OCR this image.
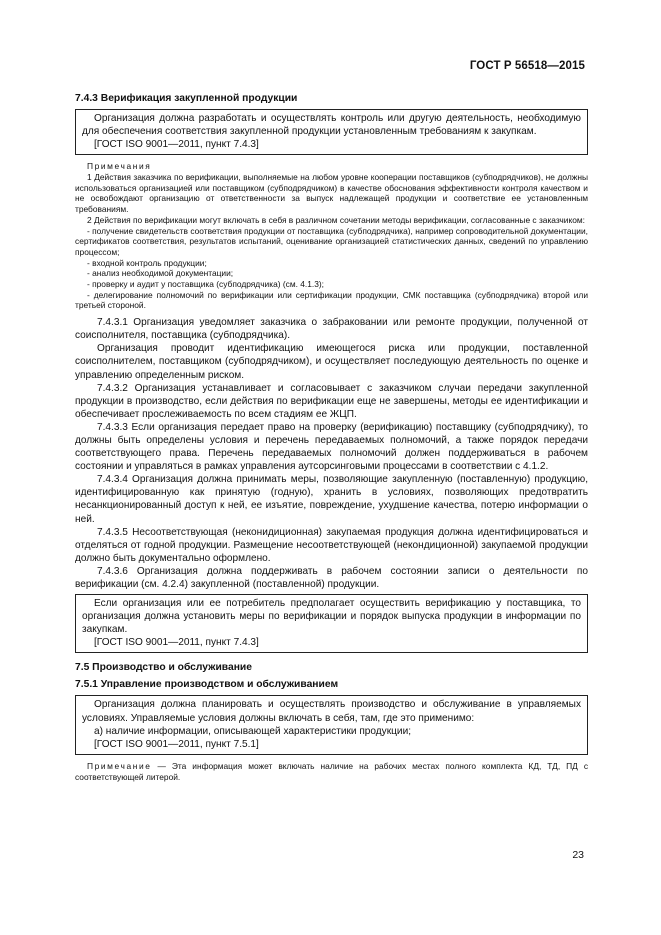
ГОСТ Р 56518—2015
7.4.3 Верификация закупленной продукции

Организация должна разработать и осуществлять контроль или другую деятельность, необходимую для обеспечения соответствия закупленной продукции установленным требованиям к закупкам.

[ГОСТ ISO 9001—2011, пункт 7.4.3]

Примечания

1 Действия заказчика по верификации, выполняемые на любом уровне кооперации поставщиков (субподрядчиков), не должны использоваться организацией или поставщиком (субподрядчиком) в качестве обоснования эффективности контроля качеством и не освобождают организацию от ответственности за выпуск надлежащей продукции и соответствие ее установленным требованиям.

2 Действия по верификации могут включать в себя в различном сочетании методы верификации, согласованные с заказчиком:

- получение свидетельств соответствия продукции от поставщика (субподрядчика), например сопроводительной документации, сертификатов соответствия, результатов испытаний, оценивание организацией статистических данных, сведений по управлению процессом;

- входной контроль продукции;

- анализ необходимой документации;

- проверку и аудит у поставщика (субподрядчика) (см. 4.1.3);

- делегирование полномочий по верификации или сертификации продукции, СМК поставщика (субподрядчика) второй или третьей стороной.

7.4.3.1 Организация уведомляет заказчика о забраковании или ремонте продукции, полученной от соисполнителя, поставщика (субподрядчика).

Организация проводит идентификацию имеющегося риска или продукции, поставленной соисполнителем, поставщиком (субподрядчиком), и осуществляет последующую деятельность по оценке и управлению определенным риском.

7.4.3.2 Организация устанавливает и согласовывает с заказчиком случаи передачи закупленной продукции в производство, если действия по верификации еще не завершены, методы ее идентификации и обеспечивает прослеживаемость по всем стадиям ее ЖЦП.

7.4.3.3 Если организация передает право на проверку (верификацию) поставщику (субподрядчику), то должны быть определены условия и перечень передаваемых полномочий, а также порядок передачи соответствующего права. Перечень передаваемых полномочий должен поддерживаться в рабочем состоянии и управляться в рамках управления аутсорсинговыми процессами в соответствии с 4.1.2.

7.4.3.4 Организация должна принимать меры, позволяющие закупленную (поставленную) продукцию, идентифицированную как принятую (годную), хранить в условиях, позволяющих предотвратить несанкционированный доступ к ней, ее изъятие, повреждение, ухудшение качества, потерю информации о ней.

7.4.3.5 Несоответствующая (неконидиционная) закупаемая продукция должна идентифицироваться и отделяться от годной продукции. Размещение несоответствующей (некондиционной) закупаемой продукции должно быть документально оформлено.

7.4.3.6 Организация должна поддерживать в рабочем состоянии записи о деятельности по верификации (см. 4.2.4) закупленной (поставленной) продукции.

Если организация или ее потребитель предполагает осуществить верификацию у поставщика, то организация должна установить меры по верификации и порядок выпуска продукции в информации по закупкам.

[ГОСТ ISO 9001—2011, пункт 7.4.3]

7.5 Производство и обслуживание
7.5.1 Управление производством и обслуживанием

Организация должна планировать и осуществлять производство и обслуживание в управляемых условиях. Управляемые условия должны включать в себя, там, где это применимо:

а) наличие информации, описывающей характеристики продукции;

[ГОСТ ISO 9001—2011, пункт 7.5.1]

Примечание — Эта информация может включать наличие на рабочих местах полного комплекта КД, ТД, ПД с соответствующей литерой.

23
